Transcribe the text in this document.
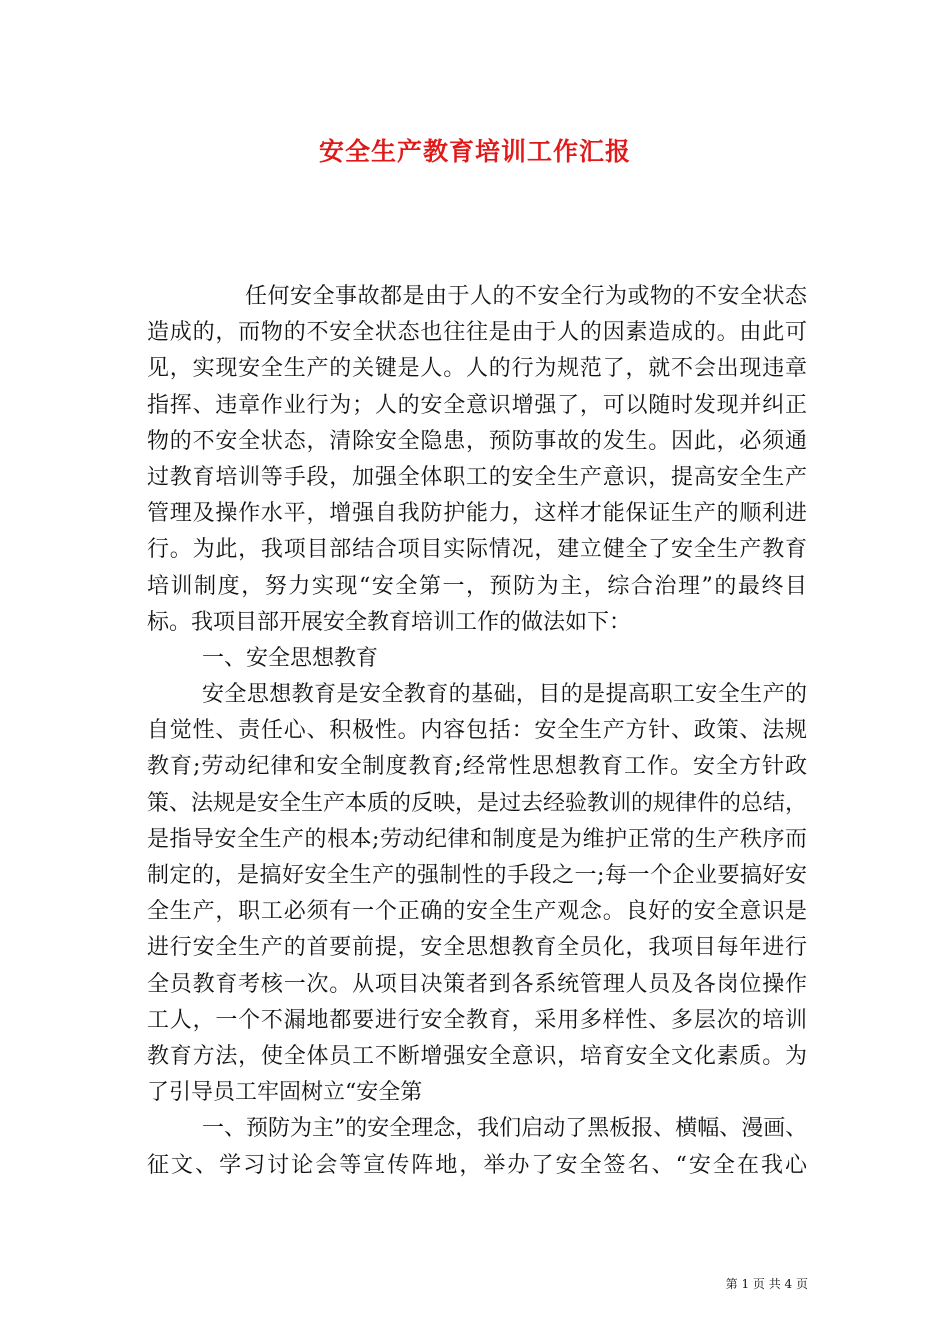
安全生产教育培训工作汇报
任何安全事故都是由于人的不安全行为或物的不安全状态
造成的，而物的不安全状态也往往是由于人的因素造成的。由此可
见，实现安全生产的关键是人。人的行为规范了，就不会出现违章
指挥、违章作业行为；人的安全意识增强了，可以随时发现并纠正
物的不安全状态，清除安全隐患，预防事故的发生。因此，必须通
过教育培训等手段，加强全体职工的安全生产意识，提高安全生产
管理及操作水平，增强自我防护能力，这样才能保证生产的顺利进
行。为此，我项目部结合项目实际情况，建立健全了安全生产教育
培训制度，努力实现“安全第一，预防为主，综合治理”的最终目
标。我项目部开展安全教育培训工作的做法如下：
一、安全思想教育
安全思想教育是安全教育的基础，目的是提高职工安全生产的
自觉性、责任心、积极性。内容包括：安全生产方针、政策、法规
教育;劳动纪律和安全制度教育;经常性思想教育工作。安全方针政
策、法规是安全生产本质的反映，是过去经验教训的规律件的总结，
是指导安全生产的根本;劳动纪律和制度是为维护正常的生产秩序而
制定的，是搞好安全生产的强制性的手段之一;每一个企业要搞好安
全生产，职工必须有一个正确的安全生产观念。良好的安全意识是
进行安全生产的首要前提，安全思想教育全员化，我项目每年进行
全员教育考核一次。从项目决策者到各系统管理人员及各岗位操作
工人，一个不漏地都要进行安全教育，采用多样性、多层次的培训
教育方法，使全体员工不断增强安全意识，培育安全文化素质。为
了引导员工牢固树立“安全第
一、预防为主”的安全理念，我们启动了黑板报、横幅、漫画、
征文、学习讨论会等宣传阵地，举办了安全签名、“安全在我心
第 1 页 共 4 页
